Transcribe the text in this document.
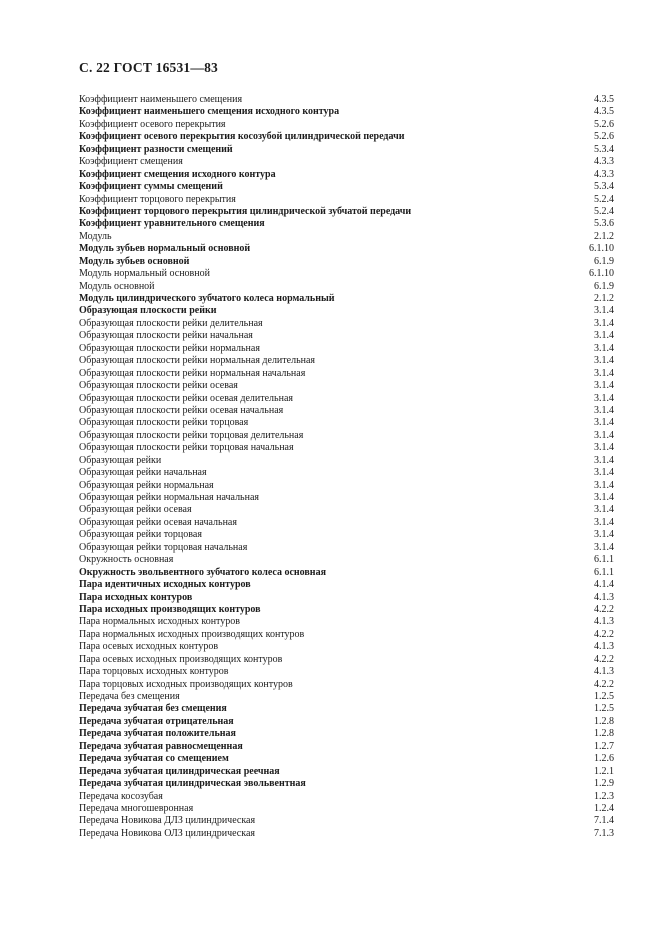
С. 22 ГОСТ 16531—83
Коэффициент наименьшего смещения	4.3.5
Коэффициент наименьшего смещения исходного контура	4.3.5
Коэффициент осевого перекрытия	5.2.6
Коэффициент осевого перекрытия косозубой цилиндрической передачи	5.2.6
Коэффициент разности смещений	5.3.4
Коэффициент смещения	4.3.3
Коэффициент смещения исходного контура	4.3.3
Коэффициент суммы смещений	5.3.4
Коэффициент торцового перекрытия	5.2.4
Коэффициент торцового перекрытия цилиндрической зубчатой передачи	5.2.4
Коэффициент уравнительного смещения	5.3.6
Модуль	2.1.2
Модуль зубьев нормальный основной	6.1.10
Модуль зубьев основной	6.1.9
Модуль нормальный основной	6.1.10
Модуль основной	6.1.9
Модуль цилиндрического зубчатого колеса нормальный	2.1.2
Образующая плоскости рейки	3.1.4
Образующая плоскости рейки делительная	3.1.4
Образующая плоскости рейки начальная	3.1.4
Образующая плоскости рейки нормальная	3.1.4
Образующая плоскости рейки нормальная делительная	3.1.4
Образующая плоскости рейки нормальная начальная	3.1.4
Образующая плоскости рейки осевая	3.1.4
Образующая плоскости рейки осевая делительная	3.1.4
Образующая плоскости рейки осевая начальная	3.1.4
Образующая плоскости рейки торцовая	3.1.4
Образующая плоскости рейки торцовая делительная	3.1.4
Образующая плоскости рейки торцовая начальная	3.1.4
Образующая рейки	3.1.4
Образующая рейки начальная	3.1.4
Образующая рейки нормальная	3.1.4
Образующая рейки нормальная начальная	3.1.4
Образующая рейки осевая	3.1.4
Образующая рейки осевая начальная	3.1.4
Образующая рейки торцовая	3.1.4
Образующая рейки торцовая начальная	3.1.4
Окружность основная	6.1.1
Окружность эвольвентного зубчатого колеса основная	6.1.1
Пара идентичных исходных контуров	4.1.4
Пара исходных контуров	4.1.3
Пара исходных производящих контуров	4.2.2
Пара нормальных исходных контуров	4.1.3
Пара нормальных исходных производящих контуров	4.2.2
Пара осевых исходных контуров	4.1.3
Пара осевых исходных производящих контуров	4.2.2
Пара торцовых исходных контуров	4.1.3
Пара торцовых исходных производящих контуров	4.2.2
Передача без смещения	1.2.5
Передача зубчатая без смещения	1.2.5
Передача зубчатая отрицательная	1.2.8
Передача зубчатая положительная	1.2.8
Передача зубчатая равносмещенная	1.2.7
Передача зубчатая со смещением	1.2.6
Передача зубчатая цилиндрическая реечная	1.2.1
Передача зубчатая цилиндрическая эвольвентная	1.2.9
Передача косозубая	1.2.3
Передача многошевронная	1.2.4
Передача Новикова ДЛЗ цилиндрическая	7.1.4
Передача Новикова ОЛЗ цилиндрическая	7.1.3
